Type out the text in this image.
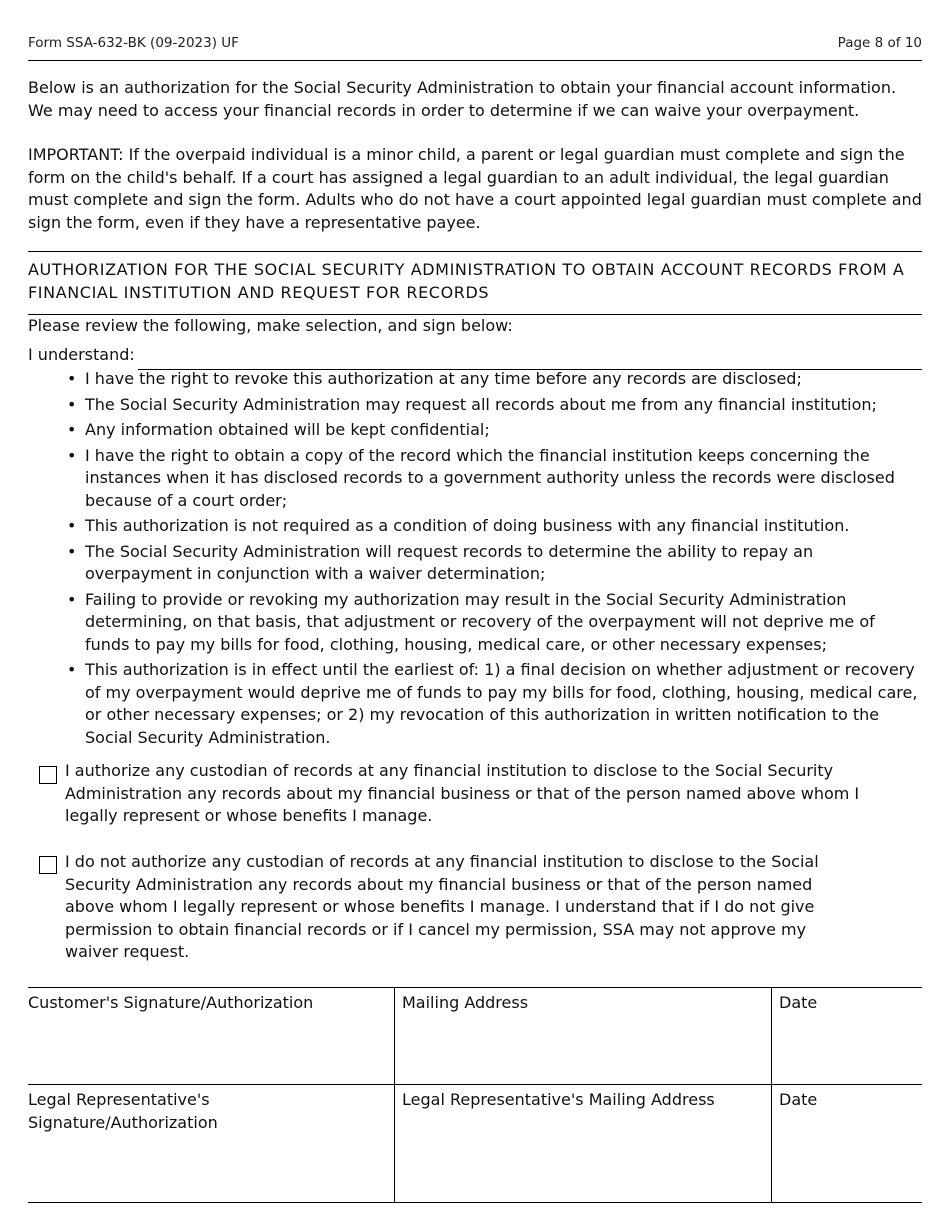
Form SSA-632-BK (09-2023) UF	Page 8 of 10
Below is an authorization for the Social Security Administration to obtain your financial account information. We may need to access your financial records in order to determine if we can waive your overpayment.
IMPORTANT: If the overpaid individual is a minor child, a parent or legal guardian must complete and sign the form on the child's behalf. If a court has assigned a legal guardian to an adult individual, the legal guardian must complete and sign the form. Adults who do not have a court appointed legal guardian must complete and sign the form, even if they have a representative payee.
AUTHORIZATION FOR THE SOCIAL SECURITY ADMINISTRATION TO OBTAIN ACCOUNT RECORDS FROM A FINANCIAL INSTITUTION AND REQUEST FOR RECORDS
Please review the following, make selection, and sign below:
I understand:
• I have the right to revoke this authorization at any time before any records are disclosed;
• The Social Security Administration may request all records about me from any financial institution;
• Any information obtained will be kept confidential;
• I have the right to obtain a copy of the record which the financial institution keeps concerning the instances when it has disclosed records to a government authority unless the records were disclosed because of a court order;
• This authorization is not required as a condition of doing business with any financial institution.
• The Social Security Administration will request records to determine the ability to repay an overpayment in conjunction with a waiver determination;
• Failing to provide or revoking my authorization may result in the Social Security Administration determining, on that basis, that adjustment or recovery of the overpayment will not deprive me of funds to pay my bills for food, clothing, housing, medical care, or other necessary expenses;
• This authorization is in effect until the earliest of: 1) a final decision on whether adjustment or recovery of my overpayment would deprive me of funds to pay my bills for food, clothing, housing, medical care, or other necessary expenses; or 2) my revocation of this authorization in written notification to the Social Security Administration.
I authorize any custodian of records at any financial institution to disclose to the Social Security Administration any records about my financial business or that of the person named above whom I legally represent or whose benefits I manage.
I do not authorize any custodian of records at any financial institution to disclose to the Social Security Administration any records about my financial business or that of the person named above whom I legally represent or whose benefits I manage. I understand that if I do not give permission to obtain financial records or if I cancel my permission, SSA may not approve my waiver request.
Customer's Signature/Authorization	Mailing Address	Date

Legal Representative's
Signature/Authorization	Legal Representative's Mailing Address	Date
